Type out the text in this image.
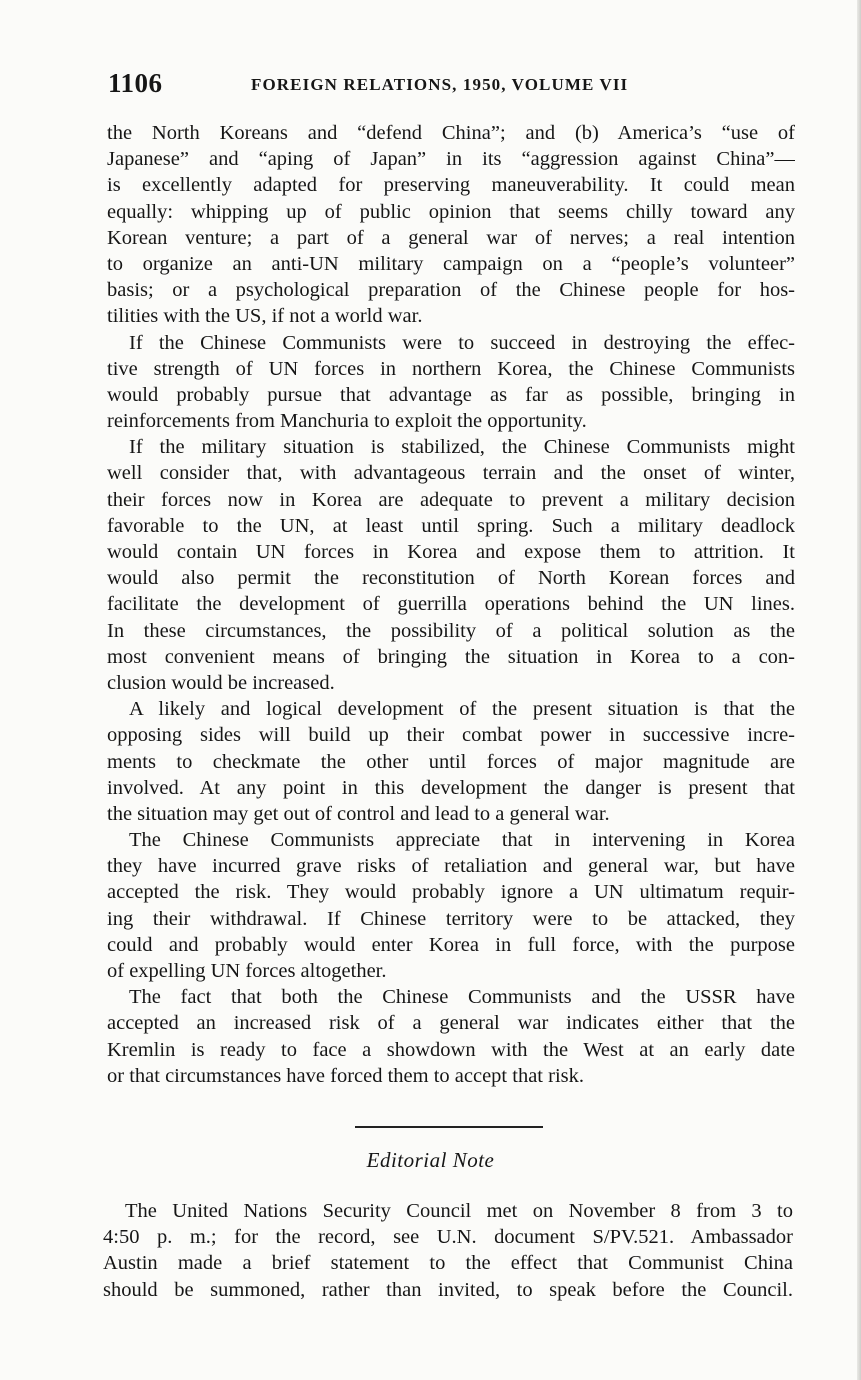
1106	FOREIGN RELATIONS, 1950, VOLUME VII
the North Koreans and “defend China”; and (b) America’s “use of
Japanese” and “aping of Japan” in its “aggression against China”—
is excellently adapted for preserving maneuverability. It could mean
equally: whipping up of public opinion that seems chilly toward any
Korean venture; a part of a general war of nerves; a real intention
to organize an anti-UN military campaign on a “people’s volunteer”
basis; or a psychological preparation of the Chinese people for hos-
tilities with the US, if not a world war.
If the Chinese Communists were to succeed in destroying the effec-
tive strength of UN forces in northern Korea, the Chinese Communists
would probably pursue that advantage as far as possible, bringing in
reinforcements from Manchuria to exploit the opportunity.
If the military situation is stabilized, the Chinese Communists might
well consider that, with advantageous terrain and the onset of winter,
their forces now in Korea are adequate to prevent a military decision
favorable to the UN, at least until spring. Such a military deadlock
would contain UN forces in Korea and expose them to attrition. It
would also permit the reconstitution of North Korean forces and
facilitate the development of guerrilla operations behind the UN lines.
In these circumstances, the possibility of a political solution as the
most convenient means of bringing the situation in Korea to a con-
clusion would be increased.
A likely and logical development of the present situation is that the
opposing sides will build up their combat power in successive incre-
ments to checkmate the other until forces of major magnitude are
involved. At any point in this development the danger is present that
the situation may get out of control and lead to a general war.
The Chinese Communists appreciate that in intervening in Korea
they have incurred grave risks of retaliation and general war, but have
accepted the risk. They would probably ignore a UN ultimatum requir-
ing their withdrawal. If Chinese territory were to be attacked, they
could and probably would enter Korea in full force, with the purpose
of expelling UN forces altogether.
The fact that both the Chinese Communists and the USSR have
accepted an increased risk of a general war indicates either that the
Kremlin is ready to face a showdown with the West at an early date
or that circumstances have forced them to accept that risk.
Editorial Note
The United Nations Security Council met on November 8 from 3 to
4:50 p. m.; for the record, see U.N. document S/PV.521. Ambassador
Austin made a brief statement to the effect that Communist China
should be summoned, rather than invited, to speak before the Council.
